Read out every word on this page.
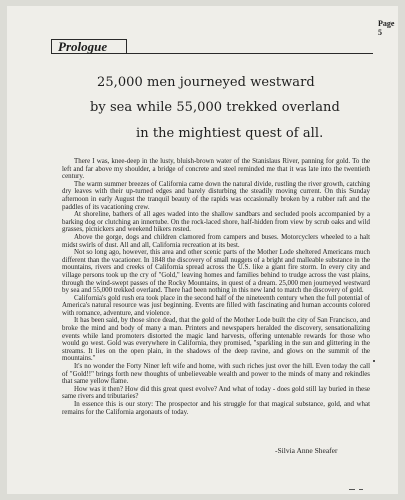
Page 5
Prologue
25,000 men journeyed westward
by sea while 55,000 trekked overland
in the mightiest quest of all.

There I was, knee-deep in the lusty, bluish-brown water of the Stanislaus River, panning for gold. To the left and far above my shoulder, a bridge of concrete and steel reminded me that it was late into the twentieth century.

The warm summer breezes of California came down the natural divide, rustling the river growth, catching dry leaves with their up-turned edges and barely disturbing the steadily moving current. On this Sunday afternoon in early August the tranquil beauty of the rapids was occasionally broken by a rubber raft and the paddles of its vacationing crew.

At shoreline, bathers of all ages waded into the shallow sandbars and secluded pools accompanied by a barking dog or clutching an innertube. On the rock-laced shore, half-hidden from view by scrub oaks and wild grasses, picnickers and weekend hikers rested.

Above the gorge, dogs and children clamored from campers and buses. Motorcyclers wheeled to a halt midst swirls of dust. All and all, California recreation at its best.

Not so long ago, however, this area and other scenic parts of the Mother Lode sheltered Americans much different than the vacationer. In 1848 the discovery of small nuggets of a bright and malleable substance in the mountains, rivers and creeks of California spread across the U.S. like a giant fire storm. In every city and village persons took up the cry of "Gold," leaving homes and families behind to trudge across the vast plains, through the wind-swept passes of the Rocky Mountains, in quest of a dream. 25,000 men journeyed westward by sea and 55,000 trekked overland. There had been nothing in this new land to match the discovery of gold.

California's gold rush era took place in the second half of the nineteenth century when the full potential of America's natural resource was just beginning. Events are filled with fascinating and human accounts colored with romance, adventure, and violence.

It has been said, by those since dead, that the gold of the Mother Lode built the city of San Francisco, and broke the mind and body of many a man. Printers and newspapers heralded the discovery, sensationalizing events while land promoters distorted the magic land harvests, offering untenable rewards for those who would go west. Gold was everywhere in California, they promised, "sparkling in the sun and glittering in the streams. It lies on the open plain, in the shadows of the deep ravine, and glows on the summit of the mountains."

It's no wonder the Forty Niner left wife and home, with such riches just over the hill. Even today the call of "Gold!!" brings forth new thoughts of unbelieveable wealth and power to the minds of many and rekindles that same yellow flame.

How was it then? How did this great quest evolve? And what of today - does gold still lay buried in these same rivers and tributaries?

In essence this is our story: The prospector and his struggle for that magical substance, gold, and what remains for the California argonauts of today.

-Silvia Anne Sheafer
